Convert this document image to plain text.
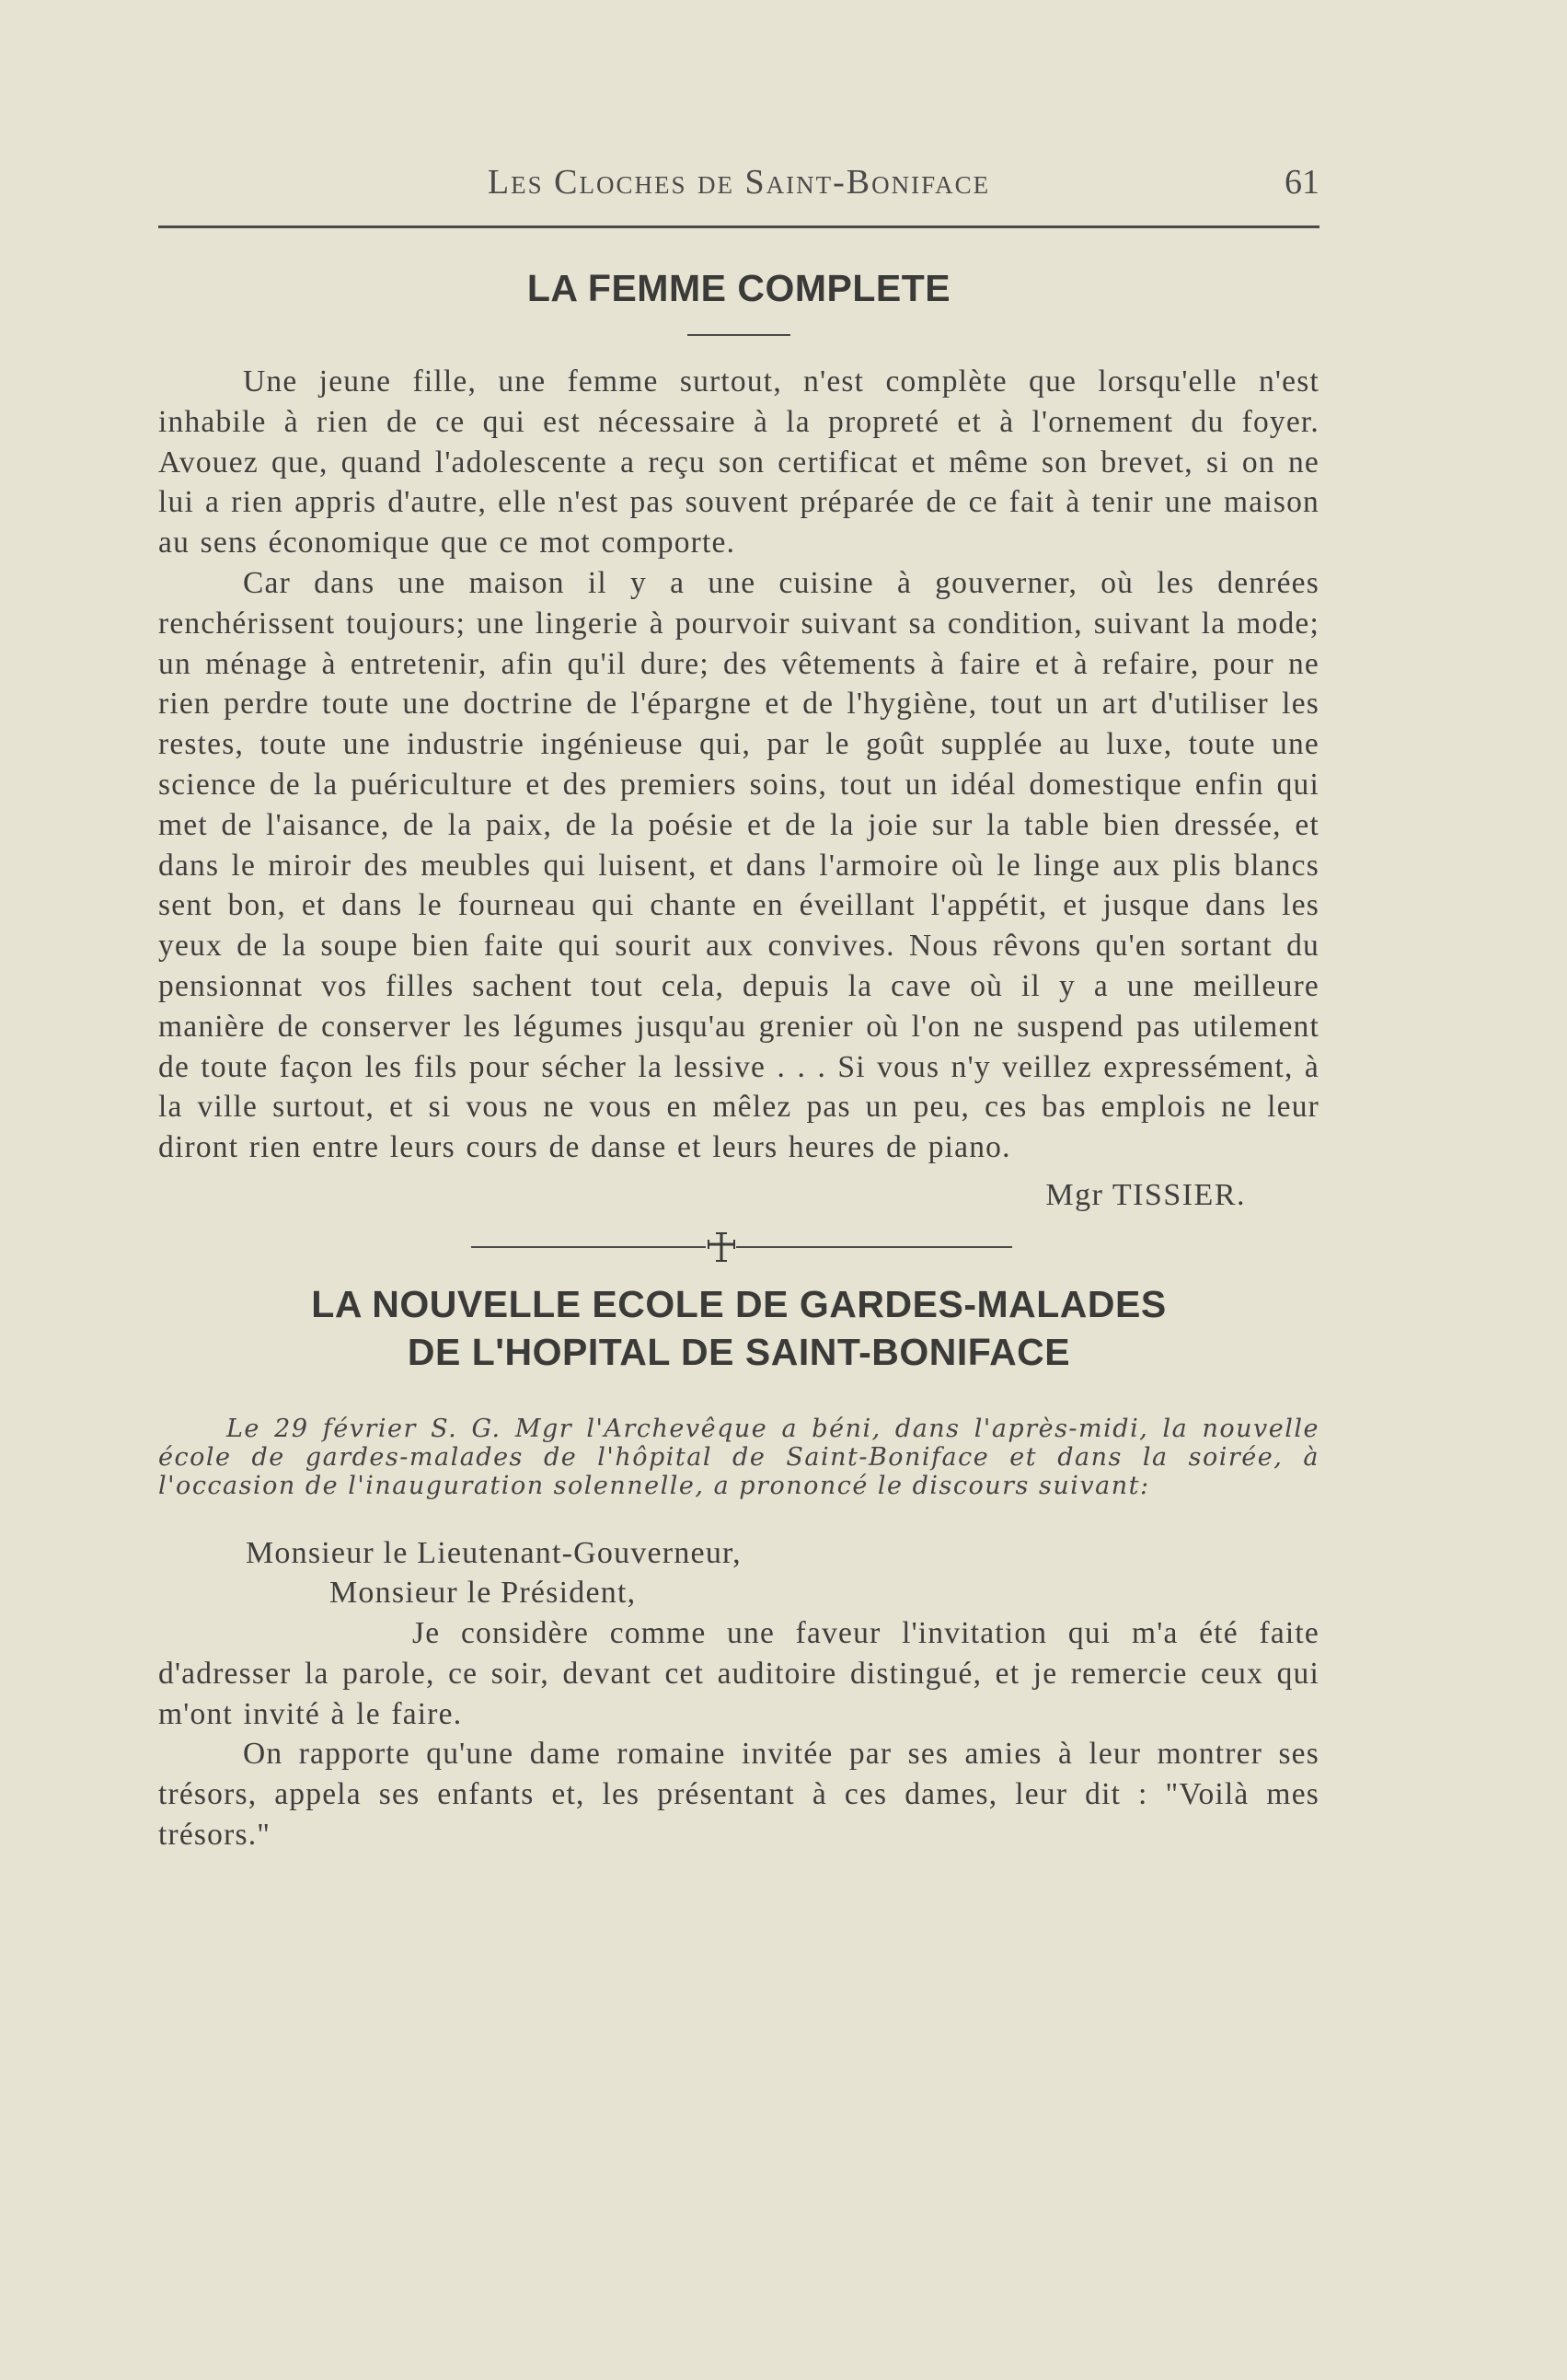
Les Cloches de Saint-Boniface	61
LA FEMME COMPLETE

Une jeune fille, une femme surtout, n'est complète que lorsqu'elle n'est inhabile à rien de ce qui est nécessaire à la propreté et à l'ornement du foyer. Avouez que, quand l'adolescente a reçu son certificat et même son brevet, si on ne lui a rien appris d'autre, elle n'est pas souvent préparée de ce fait à tenir une maison au sens économique que ce mot comporte.

Car dans une maison il y a une cuisine à gouverner, où les denrées renchérissent toujours; une lingerie à pourvoir suivant sa condition, suivant la mode; un ménage à entretenir, afin qu'il dure; des vêtements à faire et à refaire, pour ne rien perdre toute une doctrine de l'épargne et de l'hygiène, tout un art d'utiliser les restes, toute une industrie ingénieuse qui, par le goût supplée au luxe, toute une science de la puériculture et des premiers soins, tout un idéal domestique enfin qui met de l'aisance, de la paix, de la poésie et de la joie sur la table bien dressée, et dans le miroir des meubles qui luisent, et dans l'armoire où le linge aux plis blancs sent bon, et dans le fourneau qui chante en éveillant l'appétit, et jusque dans les yeux de la soupe bien faite qui sourit aux convives. Nous rêvons qu'en sortant du pensionnat vos filles sachent tout cela, depuis la cave où il y a une meilleure manière de conserver les légumes jusqu'au grenier où l'on ne suspend pas utilement de toute façon les fils pour sécher la lessive . . . Si vous n'y veillez expressément, à la ville surtout, et si vous ne vous en mêlez pas un peu, ces bas emplois ne leur diront rien entre leurs cours de danse et leurs heures de piano.

Mgr TISSIER.
LA NOUVELLE ECOLE DE GARDES-MALADES
DE L'HOPITAL DE SAINT-BONIFACE

Le 29 février S. G. Mgr l'Archevêque a béni, dans l'après-midi, la nouvelle école de gardes-malades de l'hôpital de Saint-Boniface et dans la soirée, à l'occasion de l'inauguration solennelle, a prononcé le discours suivant:

Monsieur le Lieutenant-Gouverneur,

Monsieur le Président,

Je considère comme une faveur l'invitation qui m'a été faite d'adresser la parole, ce soir, devant cet auditoire distingué, et je remercie ceux qui m'ont invité à le faire.

On rapporte qu'une dame romaine invitée par ses amies à leur montrer ses trésors, appela ses enfants et, les présentant à ces dames, leur dit : "Voilà mes trésors."
